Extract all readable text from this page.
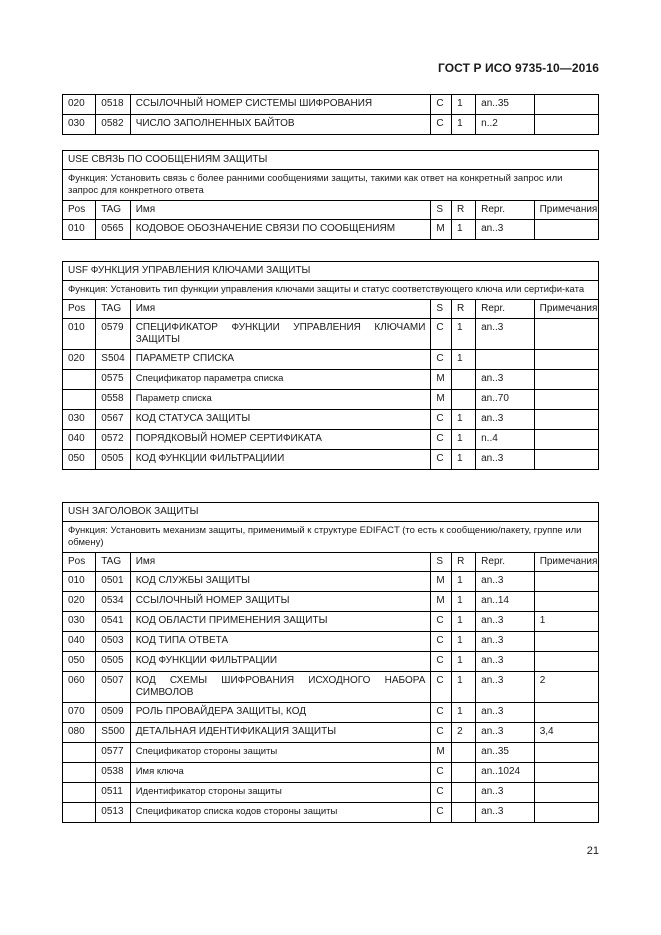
ГОСТ Р ИСО 9735-10—2016
020	0518	ССЫЛОЧНЫЙ НОМЕР СИСТЕМЫ ШИФРОВАНИЯ	C	1	an..35	
030	0582	ЧИСЛО ЗАПОЛНЕННЫХ БАЙТОВ	C	1	n..2	
USE СВЯЗЬ ПО СООБЩЕНИЯМ ЗАЩИТЫ						
Функция: Установить связь с более ранними сообщениями защиты, такими как ответ на конкретный запрос или запрос для конкретного ответа						
Pos	TAG	Имя	S	R	Repr.	Примечания
010	0565	КОДОВОЕ ОБОЗНАЧЕНИЕ СВЯЗИ ПО СООБЩЕНИЯМ	M	1	an..3	
USF ФУНКЦИЯ УПРАВЛЕНИЯ КЛЮЧАМИ ЗАЩИТЫ						
Функция: Установить тип функции управления ключами защиты и статус соответствующего ключа или сертифи-ката						
Pos	TAG	Имя	S	R	Repr.	Примечания
010	0579	СПЕЦИФИКАТОР ФУНКЦИИ УПРАВЛЕНИЯ КЛЮЧАМИ ЗАЩИТЫ	C	1	an..3	
020	S504	ПАРАМЕТР СПИСКА	C	1		
	0575	Спецификатор параметра списка	M		an..3	
	0558	Параметр списка	M		an..70	
030	0567	КОД СТАТУСА ЗАЩИТЫ	C	1	an..3	
040	0572	ПОРЯДКОВЫЙ НОМЕР СЕРТИФИКАТА	C	1	n..4	
050	0505	КОД ФУНКЦИИ ФИЛЬТРАЦИИИ	C	1	an..3	
USH ЗАГОЛОВОК ЗАЩИТЫ						
Функция: Установить механизм защиты, применимый к структуре EDIFACT (то есть к сообщению/пакету, группе или обмену)						
Pos	TAG	Имя	S	R	Repr.	Примечания
010	0501	КОД СЛУЖБЫ ЗАЩИТЫ	M	1	an..3	
020	0534	ССЫЛОЧНЫЙ НОМЕР ЗАЩИТЫ	M	1	an..14	
030	0541	КОД ОБЛАСТИ ПРИМЕНЕНИЯ ЗАЩИТЫ	C	1	an..3	1
040	0503	КОД ТИПА ОТВЕТА	C	1	an..3	
050	0505	КОД ФУНКЦИИ ФИЛЬТРАЦИИ	C	1	an..3	
060	0507	КОД СХЕМЫ ШИФРОВАНИЯ ИСХОДНОГО НАБОРА СИМВОЛОВ	C	1	an..3	2
070	0509	РОЛЬ ПРОВАЙДЕРА ЗАЩИТЫ, КОД	C	1	an..3	
080	S500	ДЕТАЛЬНАЯ ИДЕНТИФИКАЦИЯ ЗАЩИТЫ	C	2	an..3	3,4
	0577	Спецификатор стороны защиты	M		an..35	
	0538	Имя ключа	C		an..1024	
	0511	Идентификатор стороны защиты	C		an..3	
	0513	Спецификатор списка кодов стороны защиты	C		an..3	
21
